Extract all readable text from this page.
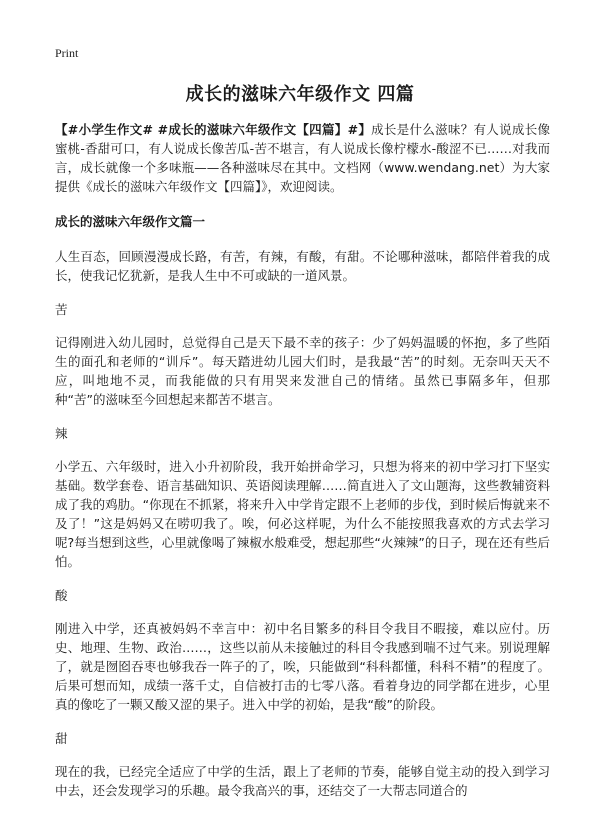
Print
成长的滋味六年级作文 四篇

【#小学生作文# #成长的滋味六年级作文【四篇】#】成长是什么滋味？有人说成长像蜜桃-香甜可口，有人说成长像苦瓜-苦不堪言，有人说成长像柠檬水-酸涩不已……对我而言，成长就像一个多味瓶——各种滋味尽在其中。文档网（www.wendang.net）为大家提供《成长的滋味六年级作文【四篇】》，欢迎阅读。

成长的滋味六年级作文篇一

人生百态，回顾漫漫成长路，有苦，有辣，有酸，有甜。不论哪种滋味，都陪伴着我的成长，使我记忆犹新，是我人生中不可或缺的一道风景。

苦

记得刚进入幼儿园时，总觉得自己是天下最不幸的孩子：少了妈妈温暖的怀抱，多了些陌生的面孔和老师的“训斥”。每天踏进幼儿园大们时，是我最“苦”的时刻。无奈叫天天不应，叫地地不灵，而我能做的只有用哭来发泄自己的情绪。虽然已事隔多年，但那种“苦”的滋味至今回想起来都苦不堪言。

辣

小学五、六年级时，进入小升初阶段，我开始拼命学习，只想为将来的初中学习打下坚实基础。数学套卷、语言基础知识、英语阅读理解……简直进入了文山题海，这些教辅资料成了我的鸡肋。“你现在不抓紧，将来升入中学肯定跟不上老师的步伐，到时候后悔就来不及了！”这是妈妈又在唠叨我了。唉，何必这样呢，为什么不能按照我喜欢的方式去学习呢?每当想到这些，心里就像喝了辣椒水般难受，想起那些“火辣辣”的日子，现在还有些后怕。

酸

刚进入中学，还真被妈妈不幸言中：初中名目繁多的科目令我目不暇接，难以应付。历史、地理、生物、政治……，这些以前从未接触过的科目令我感到喘不过气来。别说理解了，就是囫囵吞枣也够我吞一阵子的了，唉，只能做到“科科都懂，科科不精”的程度了。后果可想而知，成绩一落千丈，自信被打击的七零八落。看着身边的同学都在进步，心里真的像吃了一颗又酸又涩的果子。进入中学的初始，是我“酸”的阶段。

甜

现在的我，已经完全适应了中学的生活，跟上了老师的节奏，能够自觉主动的投入到学习中去，还会发现学习的乐趣。最令我高兴的事，还结交了一大帮志同道合的
